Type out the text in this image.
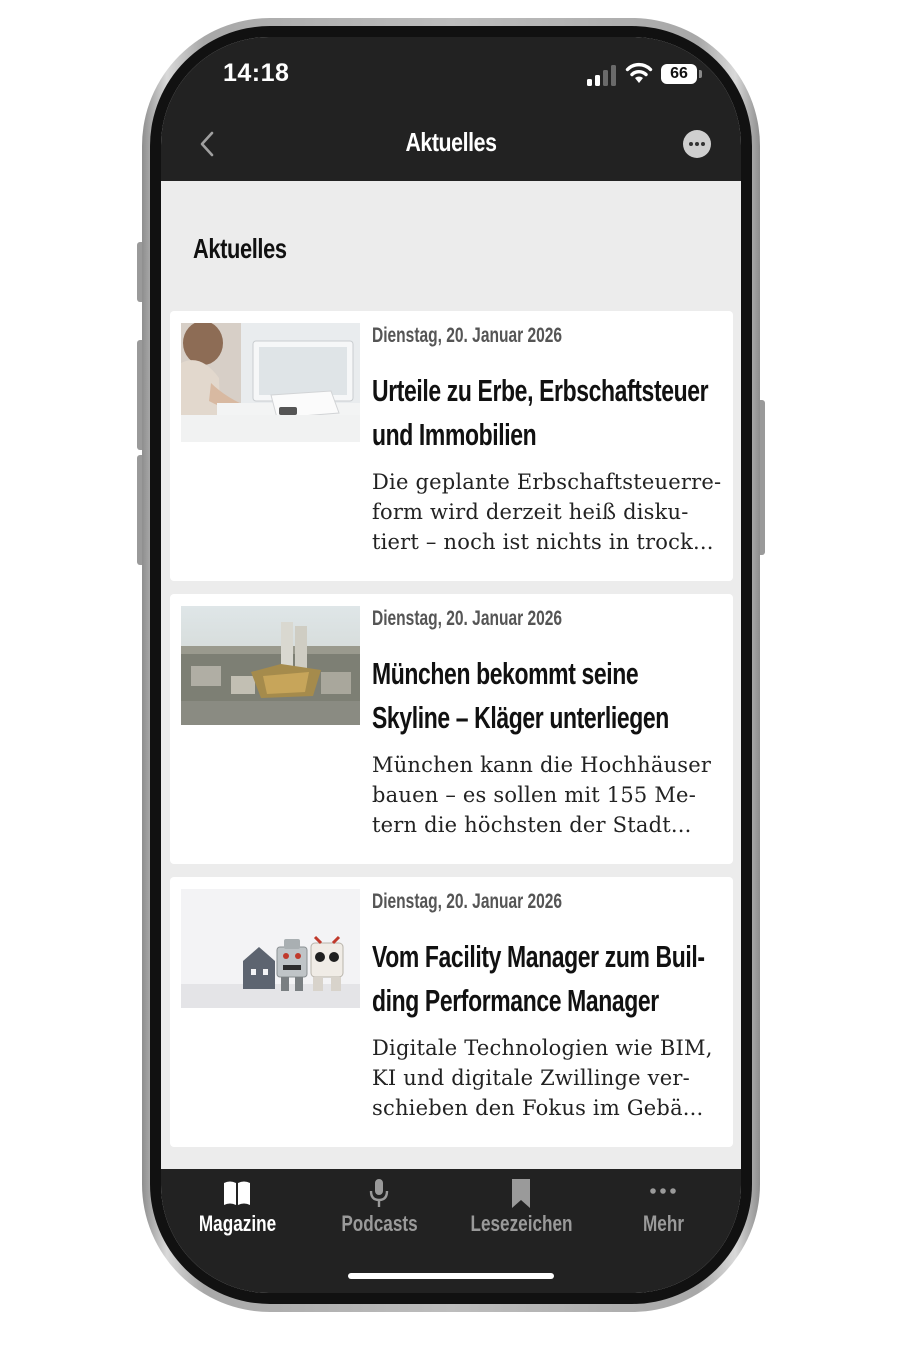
14:18	66
Aktuelles
Aktuelles
Dienstag, 20. Januar 2026
Urteile zu Erbe, Erbschaftsteuer und Immobilien
Die geplante Erbschaftsteuerreform wird derzeit heiß diskutiert – noch ist nichts in trock...
Dienstag, 20. Januar 2026
München bekommt seine Skyline – Kläger unterliegen
München kann die Hochhäuser bauen – es sollen mit 155 Metern die höchsten der Stadt...
Dienstag, 20. Januar 2026
Vom Facility Manager zum Building Performance Manager
Digitale Technologien wie BIM, KI und digitale Zwillinge verschieben den Fokus im Gebä...
Magazine	Podcasts	Lesezeichen	Mehr
